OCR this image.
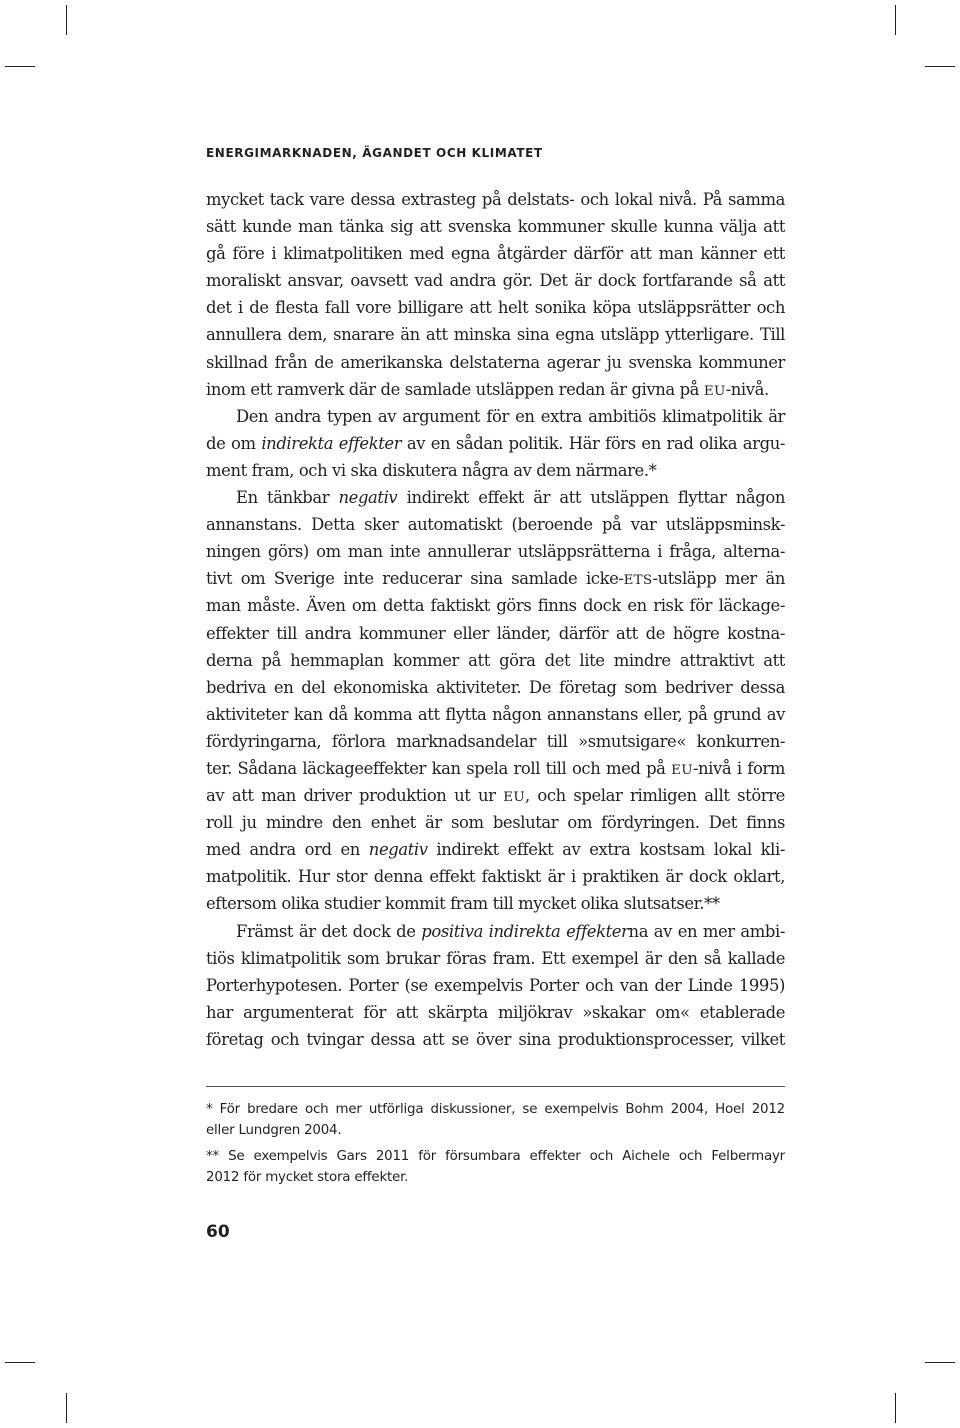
ENERGIMARKNADEN, ÄGANDET OCH KLIMATET
mycket tack vare dessa extrasteg på delstats- och lokal nivå. På samma
sätt kunde man tänka sig att svenska kommuner skulle kunna välja att
gå före i klimatpolitiken med egna åtgärder därför att man känner ett
moraliskt ansvar, oavsett vad andra gör. Det är dock fortfarande så att
det i de flesta fall vore billigare att helt sonika köpa utsläppsrätter och
annullera dem, snarare än att minska sina egna utsläpp ytterligare. Till
skillnad från de amerikanska delstaterna agerar ju svenska kommuner
inom ett ramverk där de samlade utsläppen redan är givna på EU-nivå.
Den andra typen av argument för en extra ambitiös klimatpolitik är
de om indirekta effekter av en sådan politik. Här förs en rad olika argu-
ment fram, och vi ska diskutera några av dem närmare.*
En tänkbar negativ indirekt effekt är att utsläppen flyttar någon
annanstans. Detta sker automatiskt (beroende på var utsläppsminsk-
ningen görs) om man inte annullerar utsläppsrätterna i fråga, alterna-
tivt om Sverige inte reducerar sina samlade icke-ETS-utsläpp mer än
man måste. Även om detta faktiskt görs finns dock en risk för läckage-
effekter till andra kommuner eller länder, därför att de högre kostna-
derna på hemmaplan kommer att göra det lite mindre attraktivt att
bedriva en del ekonomiska aktiviteter. De företag som bedriver dessa
aktiviteter kan då komma att flytta någon annanstans eller, på grund av
fördyringarna, förlora marknadsandelar till »smutsigare« konkurren-
ter. Sådana läckageeffekter kan spela roll till och med på EU-nivå i form
av att man driver produktion ut ur EU, och spelar rimligen allt större
roll ju mindre den enhet är som beslutar om fördyringen. Det finns
med andra ord en negativ indirekt effekt av extra kostsam lokal kli-
matpolitik. Hur stor denna effekt faktiskt är i praktiken är dock oklart,
eftersom olika studier kommit fram till mycket olika slutsatser.**
Främst är det dock de positiva indirekta effekterna av en mer ambi-
tiös klimatpolitik som brukar föras fram. Ett exempel är den så kallade
Porterhypotesen. Porter (se exempelvis Porter och van der Linde 1995)
har argumenterat för att skärpta miljökrav »skakar om« etablerade
företag och tvingar dessa att se över sina produktionsprocesser, vilket
* För bredare och mer utförliga diskussioner, se exempelvis Bohm 2004, Hoel 2012
eller Lundgren 2004.
** Se exempelvis Gars 2011 för försumbara effekter och Aichele och Felbermayr
2012 för mycket stora effekter.
60
